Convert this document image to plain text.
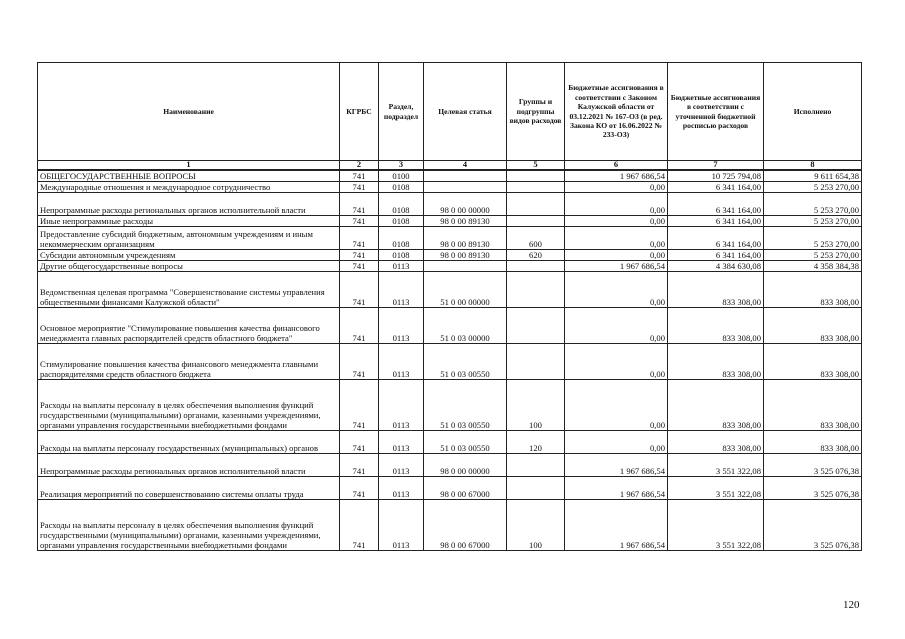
Наименование	КГРБС	Раздел, подраздел	Целевая статья	Группы и подгруппы видов расходов	Бюджетные ассигнования в соответствии с Законом Калужской области от 03.12.2021 № 167-ОЗ (в ред. Закона КО от 16.06.2022 № 233-ОЗ)	Бюджетные ассигнования в соответствии с уточненной бюджетной росписью расходов	Исполнено
1	2	3	4	5	6	7	8
ОБЩЕГОСУДАРСТВЕННЫЕ ВОПРОСЫ	741	0100			1 967 686,54	10 725 794,08	9 611 654,38
Международные отношения и международное сотрудничество	741	0108			0,00	6 341 164,00	5 253 270,00
Непрограммные расходы региональных органов исполнительной власти	741	0108	98 0 00 00000		0,00	6 341 164,00	5 253 270,00
Иные непрограммные расходы	741	0108	98 0 00 89130		0,00	6 341 164,00	5 253 270,00
Предоставление субсидий бюджетным, автономным учреждениям и иным некоммерческим организациям	741	0108	98 0 00 89130	600	0,00	6 341 164,00	5 253 270,00
Субсидии автономным учреждениям	741	0108	98 0 00 89130	620	0,00	6 341 164,00	5 253 270,00
Другие общегосударственные вопросы	741	0113			1 967 686,54	4 384 630,08	4 358 384,38
Ведомственная целевая программа "Совершенствование системы управления общественными финансами Калужской области"	741	0113	51 0 00 00000		0,00	833 308,00	833 308,00
Основное мероприятие "Стимулирование повышения качества финансового менеджмента главных распорядителей средств областного бюджета"	741	0113	51 0 03 00000		0,00	833 308,00	833 308,00
Стимулирование повышения качества финансового менеджмента главными распорядителями средств областного бюджета	741	0113	51 0 03 00550		0,00	833 308,00	833 308,00
Расходы на выплаты персоналу в целях обеспечения выполнения функций государственными (муниципальными) органами, казенными учреждениями, органами управления государственными внебюджетными фондами	741	0113	51 0 03 00550	100	0,00	833 308,00	833 308,00
Расходы на выплаты персоналу государственных (муниципальных) органов	741	0113	51 0 03 00550	120	0,00	833 308,00	833 308,00
Непрограммные расходы региональных органов исполнительной власти	741	0113	98 0 00 00000		1 967 686,54	3 551 322,08	3 525 076,38
Реализация мероприятий по совершенствованию системы оплаты труда	741	0113	98 0 00 67000		1 967 686,54	3 551 322,08	3 525 076,38
Расходы на выплаты персоналу в целях обеспечения выполнения функций государственными (муниципальными) органами, казенными учреждениями, органами управления государственными внебюджетными фондами	741	0113	98 0 00 67000	100	1 967 686,54	3 551 322,08	3 525 076,38
120
